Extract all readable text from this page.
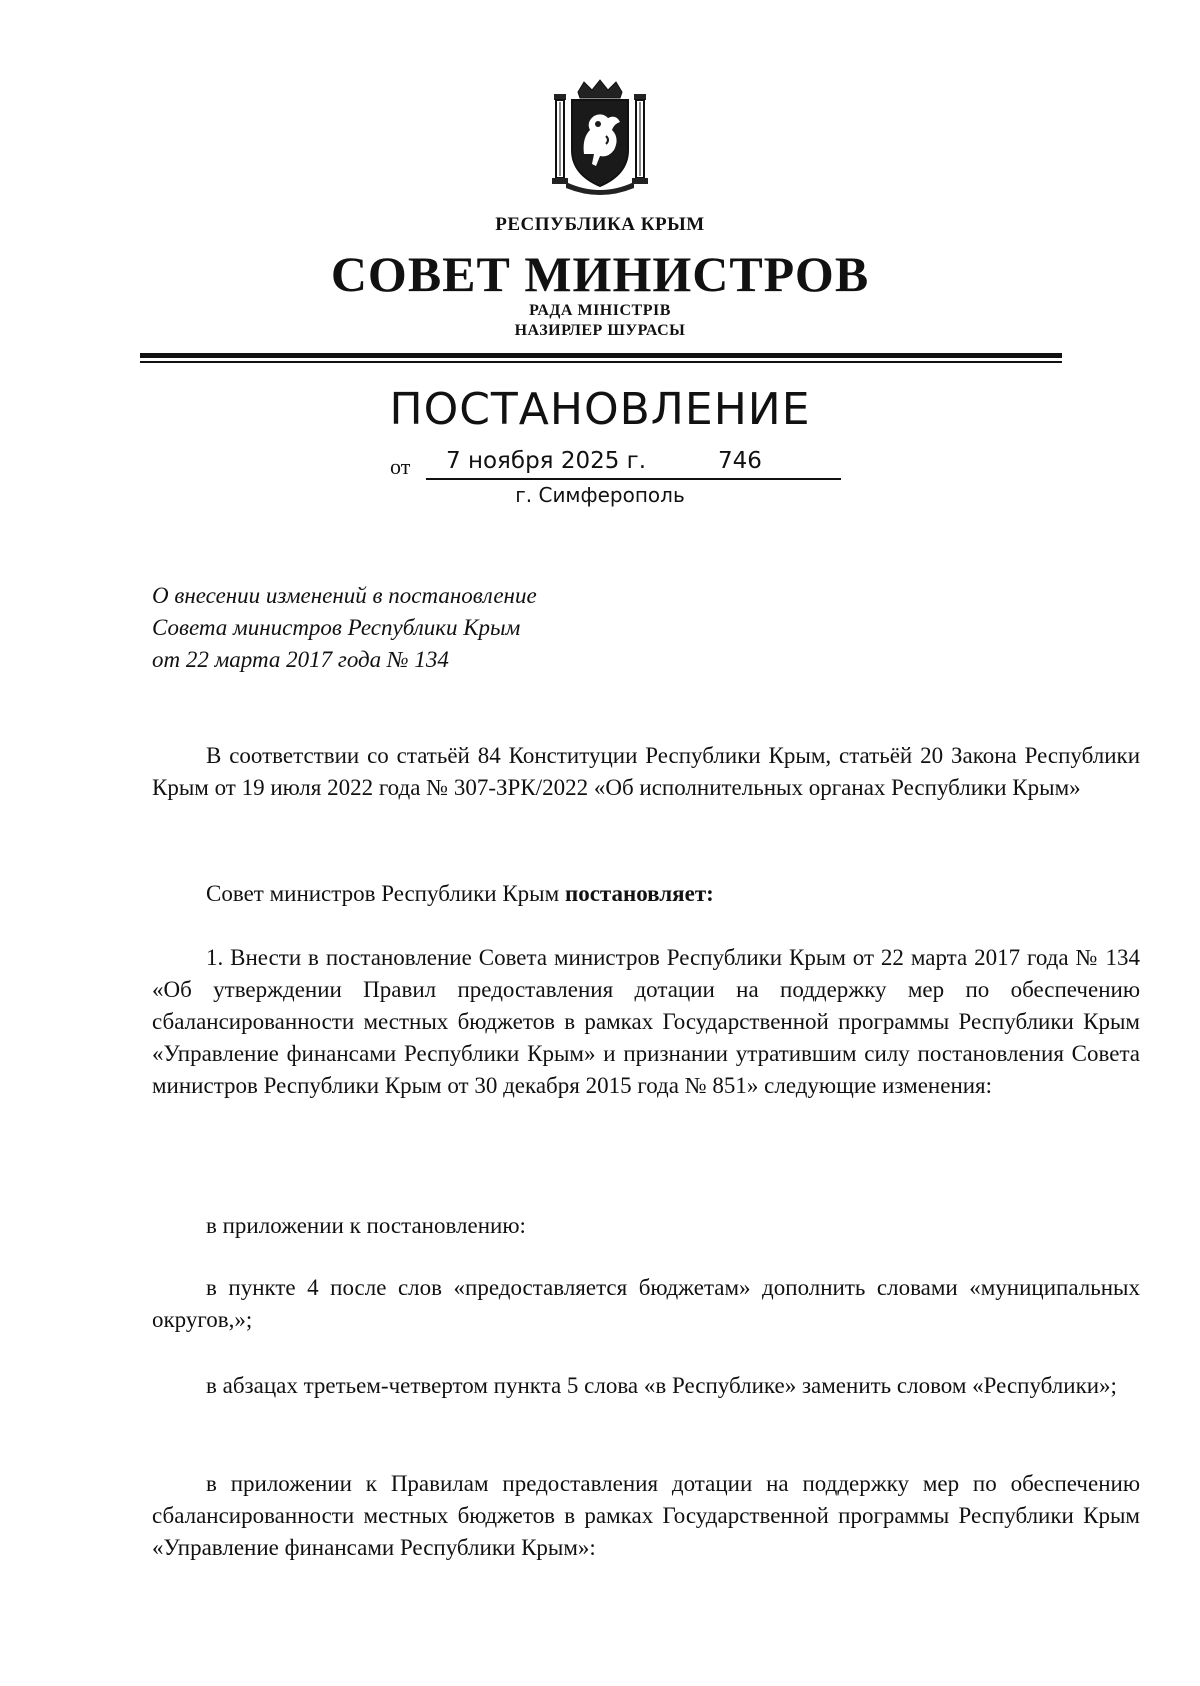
РЕСПУБЛИКА КРЫМ
СОВЕТ МИНИСТРОВ
РАДА МІНІСТРІВ
НАЗИРЛЕР ШУРАСЫ
ПОСТАНОВЛЕНИЕ
от 7 ноября 2025 г.	746
г. Симферополь
О внесении изменений в постановление
Совета министров Республики Крым
от 22 марта 2017 года № 134

В соответствии со статьёй 84 Конституции Республики Крым, статьёй 20 Закона Республики Крым от 19 июля 2022 года № 307-ЗРК/2022 «Об исполнительных органах Республики Крым»

Совет министров Республики Крым постановляет:

1. Внести в постановление Совета министров Республики Крым от 22 марта 2017 года № 134 «Об утверждении Правил предоставления дотации на поддержку мер по обеспечению сбалансированности местных бюджетов в рамках Государственной программы Республики Крым «Управление финансами Республики Крым» и признании утратившим силу постановления Совета министров Республики Крым от 30 декабря 2015 года № 851» следующие изменения:

в приложении к постановлению:

в пункте 4 после слов «предоставляется бюджетам» дополнить словами «муниципальных округов,»;

в абзацах третьем-четвертом пункта 5 слова «в Республике» заменить словом «Республики»;

в приложении к Правилам предоставления дотации на поддержку мер по обеспечению сбалансированности местных бюджетов в рамках Государственной программы Республики Крым «Управление финансами Республики Крым»:
